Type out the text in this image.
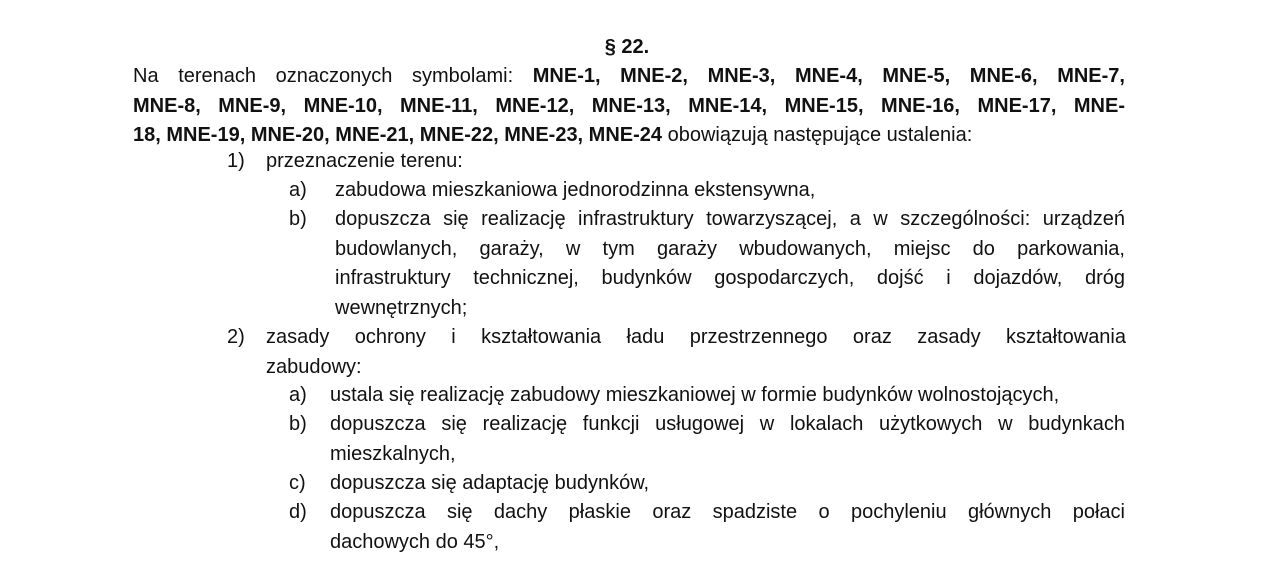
§ 22.
Na terenach oznaczonych symbolami: MNE-1, MNE-2, MNE-3, MNE-4, MNE-5, MNE-6, MNE-7,
MNE-8, MNE-9, MNE-10, MNE-11, MNE-12, MNE-13, MNE-14, MNE-15, MNE-16, MNE-17, MNE-
18, MNE-19, MNE-20, MNE-21, MNE-22, MNE-23, MNE-24 obowiązują następujące ustalenia:
1) przeznaczenie terenu:
a) zabudowa mieszkaniowa jednorodzinna ekstensywna,
b) dopuszcza się realizację infrastruktury towarzyszącej, a w szczególności: urządzeń
budowlanych, garaży, w tym garaży wbudowanych, miejsc do parkowania,
infrastruktury technicznej, budynków gospodarczych, dojść i dojazdów, dróg
wewnętrznych;
2) zasady ochrony i kształtowania ładu przestrzennego oraz zasady kształtowania
zabudowy:
a) ustala się realizację zabudowy mieszkaniowej w formie budynków wolnostojących,
b) dopuszcza się realizację funkcji usługowej w lokalach użytkowych w budynkach
mieszkalnych,
c) dopuszcza się adaptację budynków,
d) dopuszcza się dachy płaskie oraz spadziste o pochyleniu głównych połaci
dachowych do 45°,
